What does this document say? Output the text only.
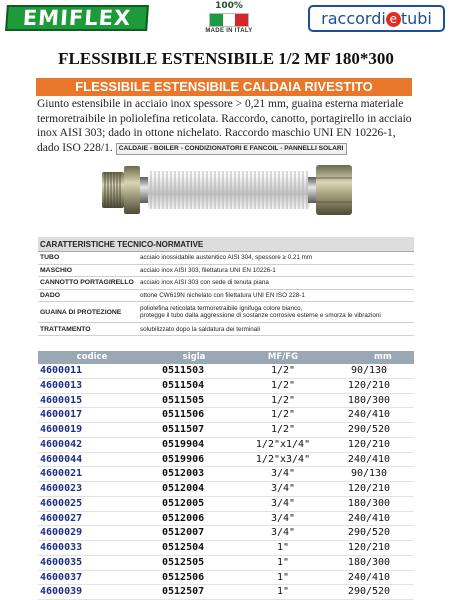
EMIFLEX	100%
MADE IN ITALY
raccordi e tubi
FLESSIBILE ESTENSIBILE 1/2 MF 180*300
FLESSIBILE ESTENSIBILE CALDAIA RIVESTITO
Giunto estensibile in acciaio inox spessore > 0,21 mm, guaina esterna materiale
termoretraibile in poliolefina reticolata. Raccordo, canotto, portagirello in acciaio
inox AISI 303; dado in ottone nichelato. Raccordo maschio UNI EN 10226-1,
dado ISO 228/1. CALDAIE - BOILER - CONDIZIONATORI E FANCOIL - PANNELLI SOLARI
CARATTERISTICHE TECNICO-NORMATIVE
TUBO	acciaio inossidabile austenitico AISI 304, spessore ≥ 0.21 mm
MASCHIO	acciaio inox AISI 303, filettatura UNI EN 10226-1
CANNOTTO PORTAGIRELLO acciaio inox AISI 303 con sede di tenuta piana
DADO	ottone CW619N nichelato con filettatura UNI EN ISO 228-1
GUAINA DI PROTEZIONE	poliolefina reticolata termoretraibile ignifuga colore bianco,
protegge il tubo dalla aggressione di sostanze corrosive esterne e smorza le vibrazioni
TRATTAMENTO	solubilizzato dopo la saldatura dei terminali
codice	sigla	MF/FG	mm
4600011	0511503	1/2"	90/130
4600013	0511504	1/2"	120/210
4600015	0511505	1/2"	180/300
4600017	0511506	1/2"	240/410
4600019	0511507	1/2"	290/520
4600042	0519904	1/2"x1/4"	120/210
4600044	0519906	1/2"x3/4"	240/410
4600021	0512003	3/4"	90/130
4600023	0512004	3/4"	120/210
4600025	0512005	3/4"	180/300
4600027	0512006	3/4"	240/410
4600029	0512007	3/4"	290/520
4600033	0512504	1"	120/210
4600035	0512505	1"	180/300
4600037	0512506	1"	240/410
4600039	0512507	1"	290/520
